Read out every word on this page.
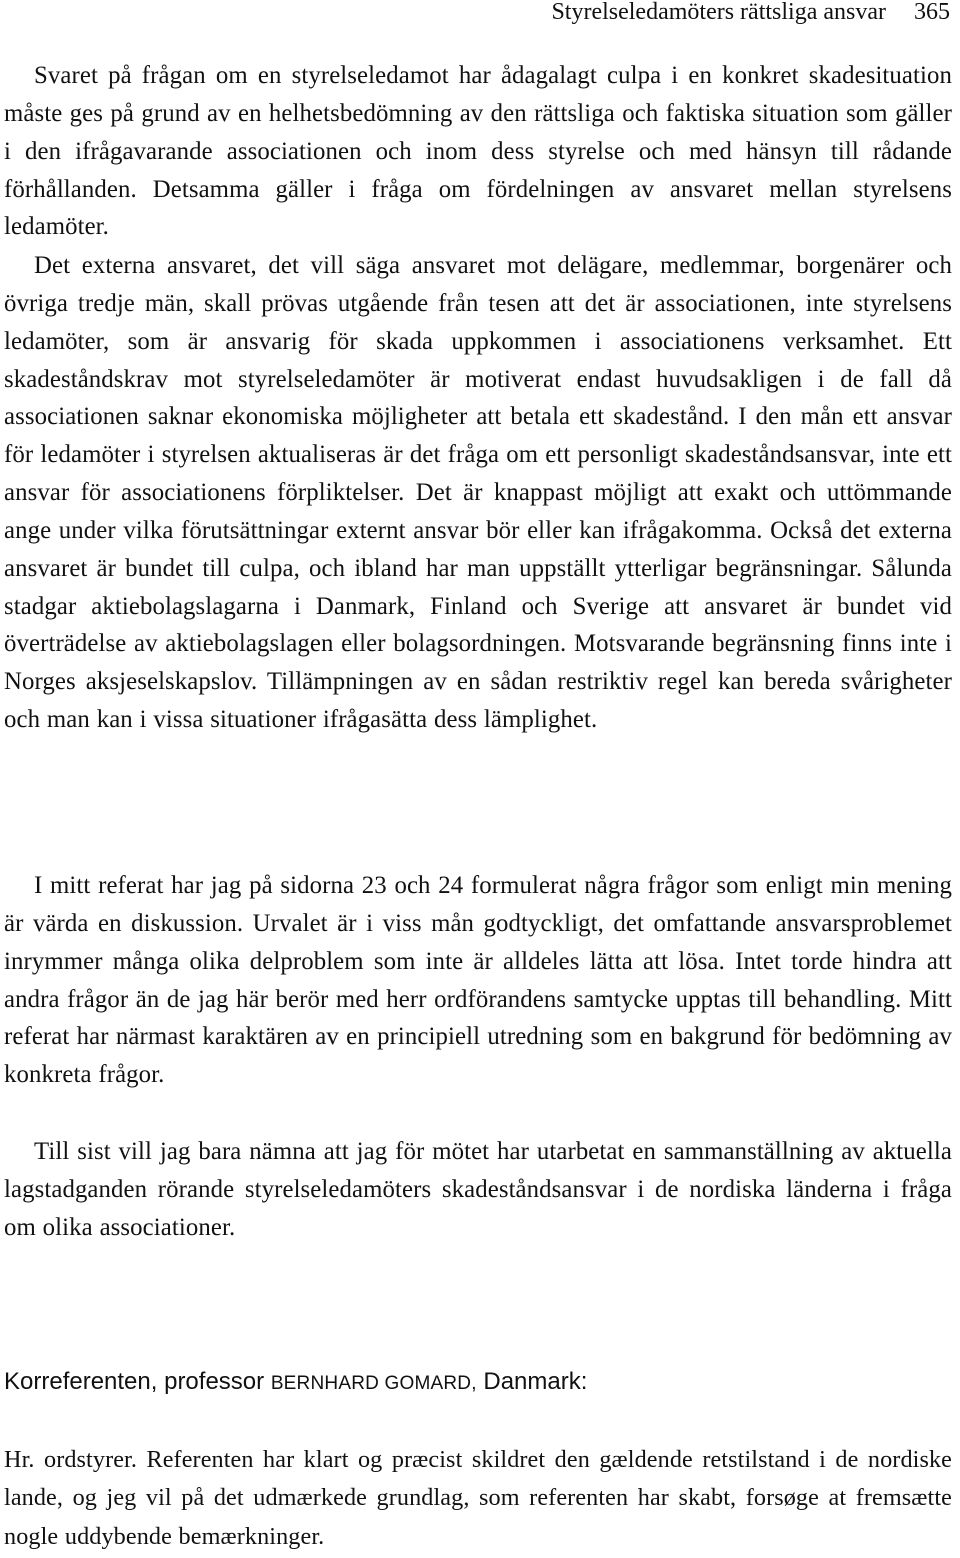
Styrelseledamöters rättsliga ansvar 365

Svaret på frågan om en styrelseledamot har ådagalagt culpa i en konkret skadesituation måste ges på grund av en helhetsbedömning av den rättsliga och faktiska situation som gäller i den ifrågavarande associationen och inom dess styrelse och med hänsyn till rådande förhållanden. Detsamma gäller i fråga om fördelningen av ansvaret mellan styrelsens ledamöter.

Det externa ansvaret, det vill säga ansvaret mot delägare, medlemmar, borgenärer och övriga tredje män, skall prövas utgående från tesen att det är associationen, inte styrelsens ledamöter, som är ansvarig för skada uppkommen i associationens verksamhet. Ett skadeståndskrav mot styrelseledamöter är motiverat endast huvudsakligen i de fall då associationen saknar ekonomiska möjligheter att betala ett skadestånd. I den mån ett ansvar för ledamöter i styrelsen aktualiseras är det fråga om ett personligt skadeståndsansvar, inte ett ansvar för associationens förpliktelser. Det är knappast möjligt att exakt och uttömmande ange under vilka förutsättningar externt ansvar bör eller kan ifrågakomma. Också det externa ansvaret är bundet till culpa, och ibland har man uppställt ytterligar begränsningar. Sålunda stadgar aktiebolagslagarna i Danmark, Finland och Sverige att ansvaret är bundet vid överträdelse av aktiebolagslagen eller bolagsordningen. Motsvarande begränsning finns inte i Norges aksjeselskapslov. Tillämpningen av en sådan restriktiv regel kan bereda svårigheter och man kan i vissa situationer ifrågasätta dess lämplighet.

I mitt referat har jag på sidorna 23 och 24 formulerat några frågor som enligt min mening är värda en diskussion. Urvalet är i viss mån godtyckligt, det omfattande ansvarsproblemet inrymmer många olika delproblem som inte är alldeles lätta att lösa. Intet torde hindra att andra frågor än de jag här berör med herr ordförandens samtycke upptas till behandling. Mitt referat har närmast karaktären av en principiell utredning som en bakgrund för bedömning av konkreta frågor.

Till sist vill jag bara nämna att jag för mötet har utarbetat en sammanställning av aktuella lagstadganden rörande styrelseledamöters skadeståndsansvar i de nordiska länderna i fråga om olika associationer.

Korreferenten, professor BERNHARD GOMARD, Danmark:

Hr. ordstyrer. Referenten har klart og præcist skildret den gældende retstilstand i de nordiske lande, og jeg vil på det udmærkede grundlag, som referenten har skabt, forsøge at fremsætte nogle uddybende bemærkninger.
